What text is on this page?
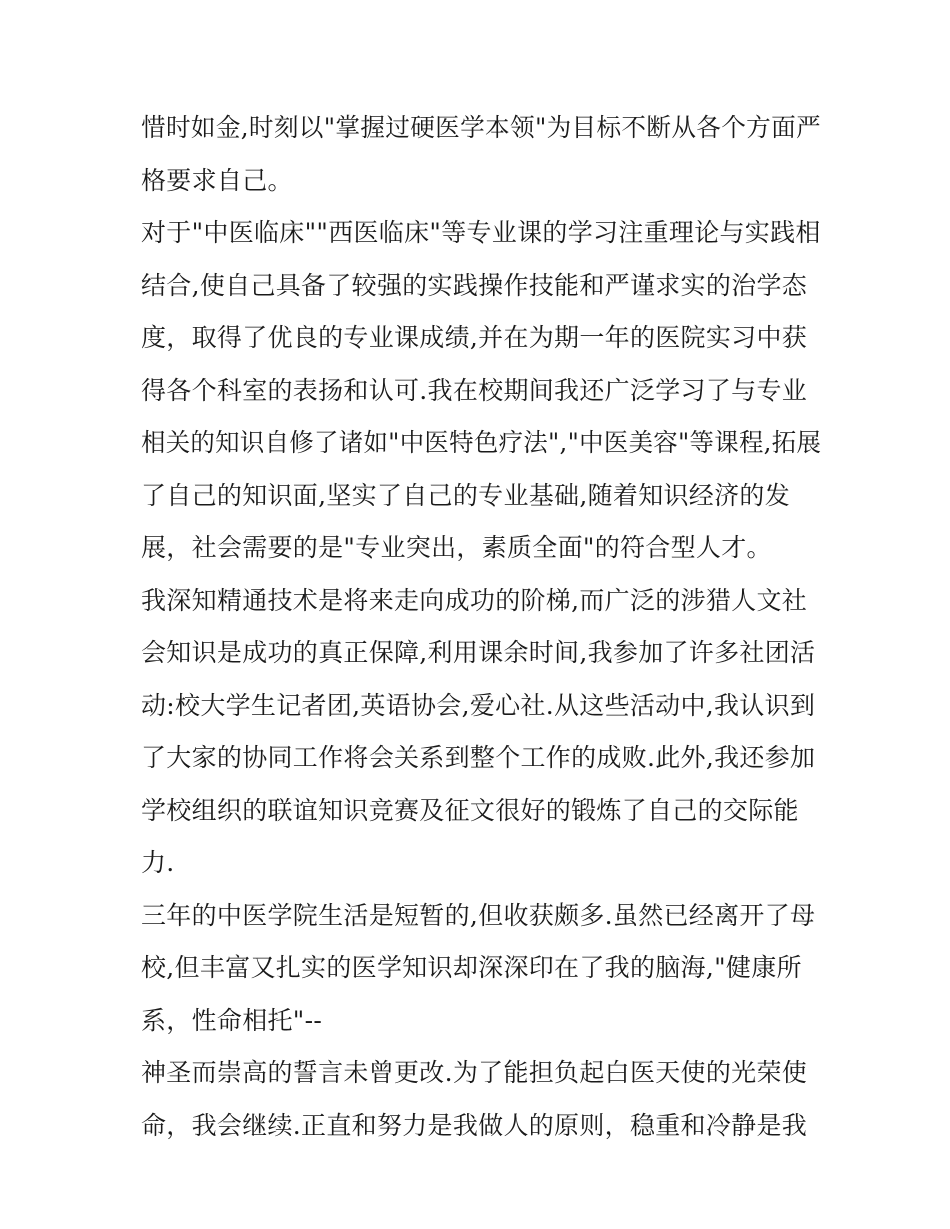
惜时如金,时刻以"掌握过硬医学本领"为目标不断从各个方面严
格要求自己。
对于"中医临床""西医临床"等专业课的学习注重理论与实践相
结合,使自己具备了较强的实践操作技能和严谨求实的治学态
度，取得了优良的专业课成绩,并在为期一年的医院实习中获
得各个科室的表扬和认可.我在校期间我还广泛学习了与专业
相关的知识自修了诸如"中医特色疗法","中医美容"等课程,拓展
了自己的知识面,坚实了自己的专业基础,随着知识经济的发
展，社会需要的是"专业突出，素质全面"的符合型人才。
我深知精通技术是将来走向成功的阶梯,而广泛的涉猎人文社
会知识是成功的真正保障,利用课余时间,我参加了许多社团活
动:校大学生记者团,英语协会,爱心社.从这些活动中,我认识到
了大家的协同工作将会关系到整个工作的成败.此外,我还参加
学校组织的联谊知识竞赛及征文很好的锻炼了自己的交际能
力.
三年的中医学院生活是短暂的,但收获颇多.虽然已经离开了母
校,但丰富又扎实的医学知识却深深印在了我的脑海,"健康所
系，性命相托"--
神圣而崇高的誓言未曾更改.为了能担负起白医天使的光荣使
命，我会继续.正直和努力是我做人的原则，稳重和冷静是我
